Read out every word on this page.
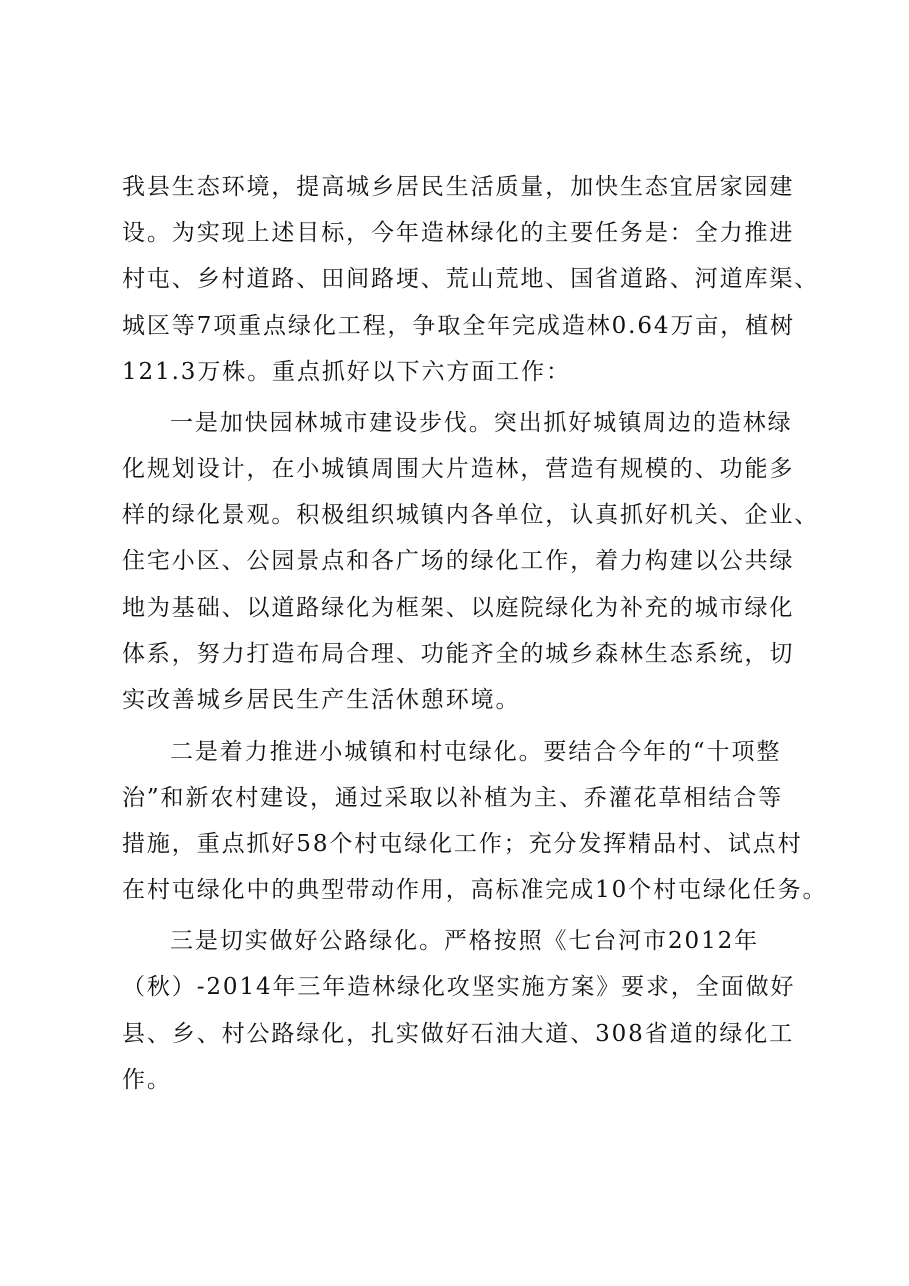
我县生态环境，提高城乡居民生活质量，加快生态宜居家园建
设。为实现上述目标，今年造林绿化的主要任务是：全力推进
村屯、乡村道路、田间路埂、荒山荒地、国省道路、河道库渠、
城区等7项重点绿化工程，争取全年完成造林0.64万亩，植树
121.3万株。重点抓好以下六方面工作：
一是加快园林城市建设步伐。突出抓好城镇周边的造林绿
化规划设计，在小城镇周围大片造林，营造有规模的、功能多
样的绿化景观。积极组织城镇内各单位，认真抓好机关、企业、
住宅小区、公园景点和各广场的绿化工作，着力构建以公共绿
地为基础、以道路绿化为框架、以庭院绿化为补充的城市绿化
体系，努力打造布局合理、功能齐全的城乡森林生态系统，切
实改善城乡居民生产生活休憩环境。
二是着力推进小城镇和村屯绿化。要结合今年的“十项整
治”和新农村建设，通过采取以补植为主、乔灌花草相结合等
措施，重点抓好58个村屯绿化工作；充分发挥精品村、试点村
在村屯绿化中的典型带动作用，高标准完成10个村屯绿化任务。
三是切实做好公路绿化。严格按照《七台河市2012年
（秋）-2014年三年造林绿化攻坚实施方案》要求，全面做好
县、乡、村公路绿化，扎实做好石油大道、308省道的绿化工
作。
